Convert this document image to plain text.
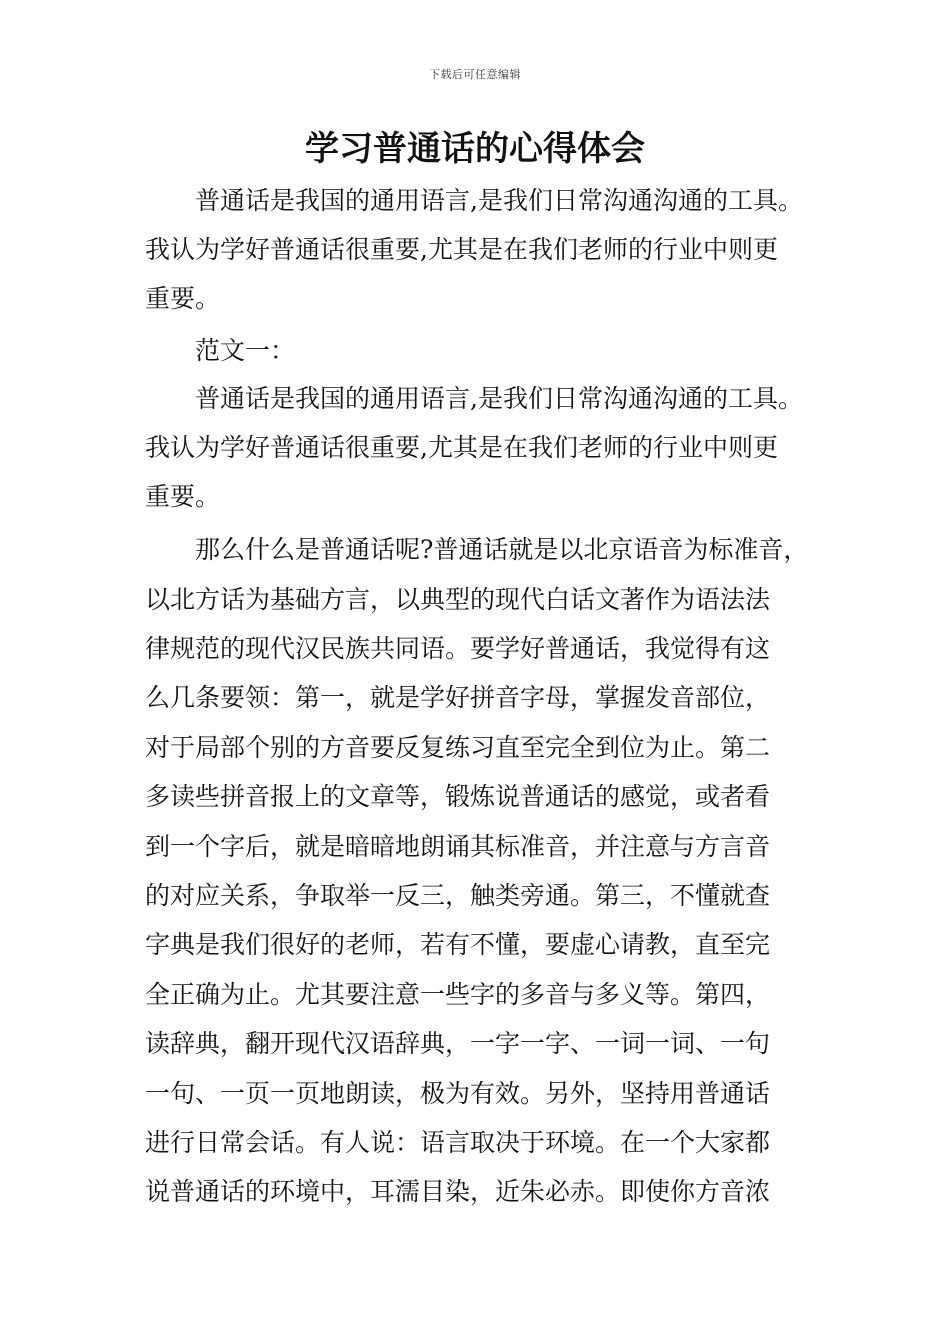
下载后可任意编辑
学习普通话的心得体会
普通话是我国的通用语言,是我们日常沟通沟通的工具。
我认为学好普通话很重要,尤其是在我们老师的行业中则更
重要。
范文一：
普通话是我国的通用语言,是我们日常沟通沟通的工具。
我认为学好普通话很重要,尤其是在我们老师的行业中则更
重要。
那么什么是普通话呢?普通话就是以北京语音为标准音，
以北方话为基础方言，以典型的现代白话文著作为语法法
律规范的现代汉民族共同语。要学好普通话，我觉得有这
么几条要领：第一，就是学好拼音字母，掌握发音部位，
对于局部个别的方音要反复练习直至完全到位为止。第二
多读些拼音报上的文章等，锻炼说普通话的感觉，或者看
到一个字后，就是暗暗地朗诵其标准音，并注意与方言音
的对应关系，争取举一反三，触类旁通。第三，不懂就查
字典是我们很好的老师，若有不懂，要虚心请教，直至完
全正确为止。尤其要注意一些字的多音与多义等。第四，
读辞典，翻开现代汉语辞典，一字一字、一词一词、一句
一句、一页一页地朗读，极为有效。另外，坚持用普通话
进行日常会话。有人说：语言取决于环境。在一个大家都
说普通话的环境中，耳濡目染，近朱必赤。即使你方音浓
